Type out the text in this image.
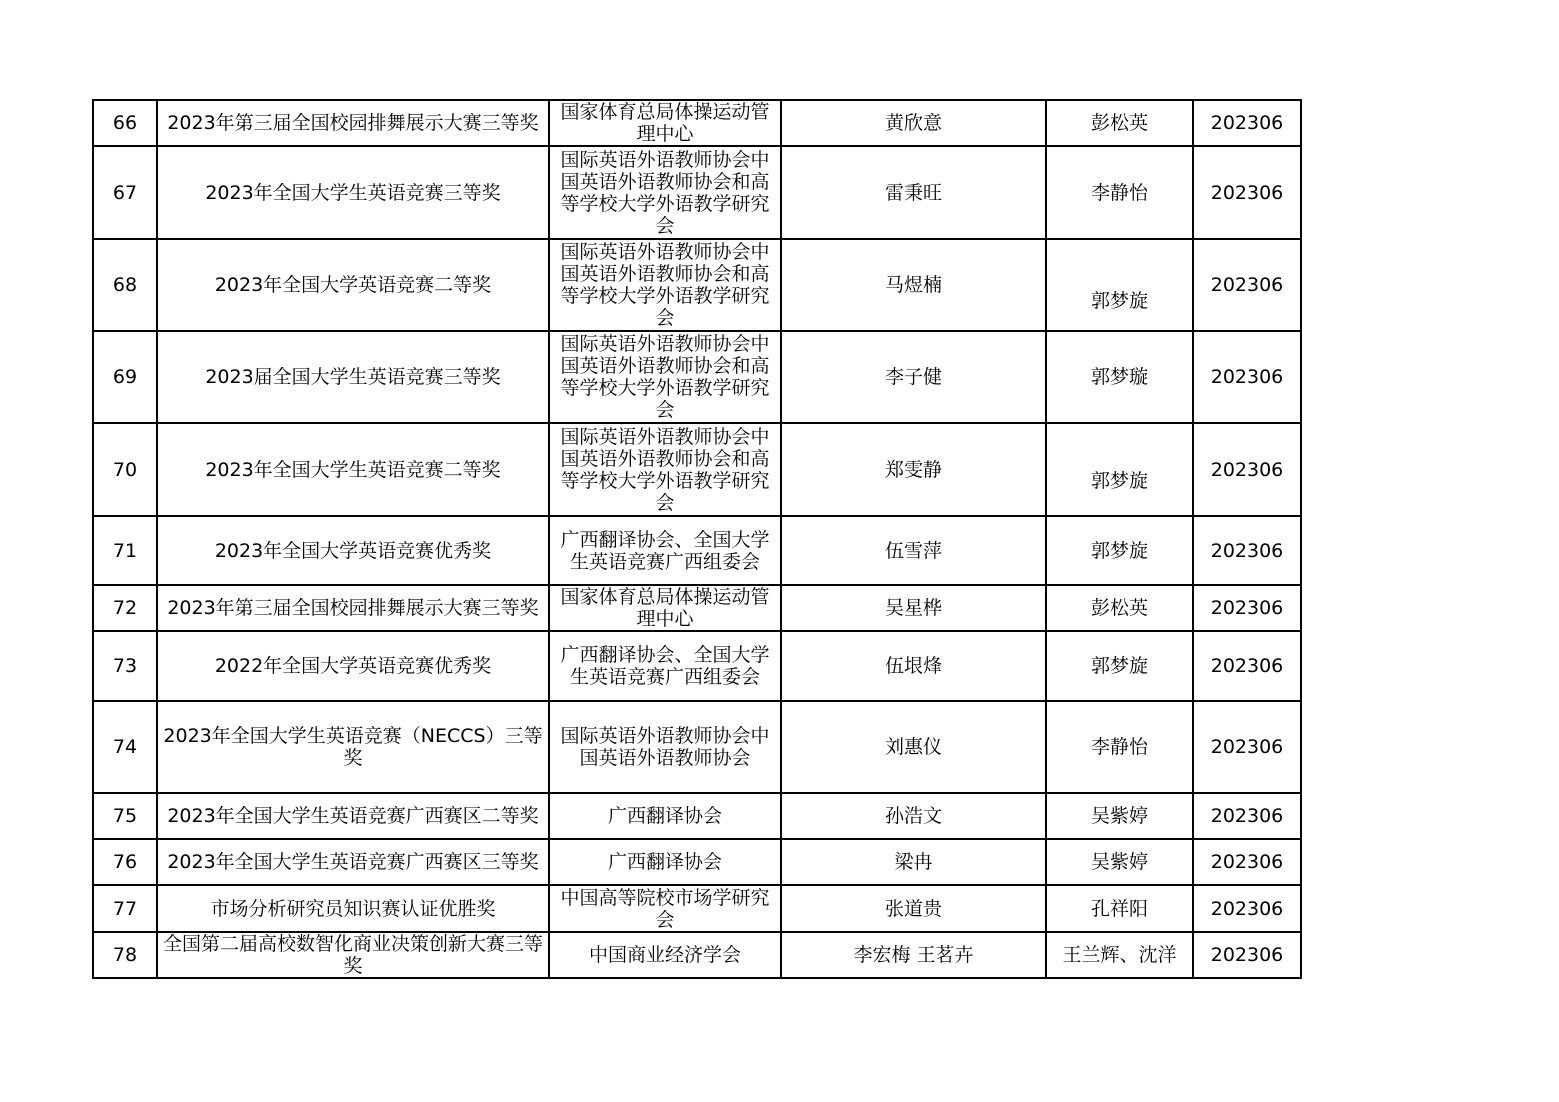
66	2023年第三届全国校园排舞展示大赛三等奖	国家体育总局体操运动管理中心	黄欣意	彭松英	202306
67	2023年全国大学生英语竞赛三等奖	国际英语外语教师协会中国英语外语教师协会和高等学校大学外语教学研究会	雷秉旺	李静怡	202306
68	2023年全国大学英语竞赛二等奖	国际英语外语教师协会中国英语外语教师协会和高等学校大学外语教学研究会	马煜楠	郭梦旋	202306
69	2023届全国大学生英语竞赛三等奖	国际英语外语教师协会中国英语外语教师协会和高等学校大学外语教学研究会	李子健	郭梦璇	202306
70	2023年全国大学生英语竞赛二等奖	国际英语外语教师协会中国英语外语教师协会和高等学校大学外语教学研究会	郑雯静	郭梦旋	202306
71	2023年全国大学英语竞赛优秀奖	广西翻译协会、全国大学生英语竞赛广西组委会	伍雪萍	郭梦旋	202306
72	2023年第三届全国校园排舞展示大赛三等奖	国家体育总局体操运动管理中心	吴星桦	彭松英	202306
73	2022年全国大学英语竞赛优秀奖	广西翻译协会、全国大学生英语竞赛广西组委会	伍垠烽	郭梦旋	202306
74	2023年全国大学生英语竞赛（NECCS）三等奖	国际英语外语教师协会中国英语外语教师协会	刘惠仪	李静怡	202306
75	2023年全国大学生英语竞赛广西赛区二等奖	广西翻译协会	孙浩文	吴紫婷	202306
76	2023年全国大学生英语竞赛广西赛区三等奖	广西翻译协会	梁冉	吴紫婷	202306
77	市场分析研究员知识赛认证优胜奖	中国高等院校市场学研究会	张道贵	孔祥阳	202306
78	全国第二届高校数智化商业决策创新大赛三等奖	中国商业经济学会	李宏梅 王茗卉	王兰辉、沈洋	202306
